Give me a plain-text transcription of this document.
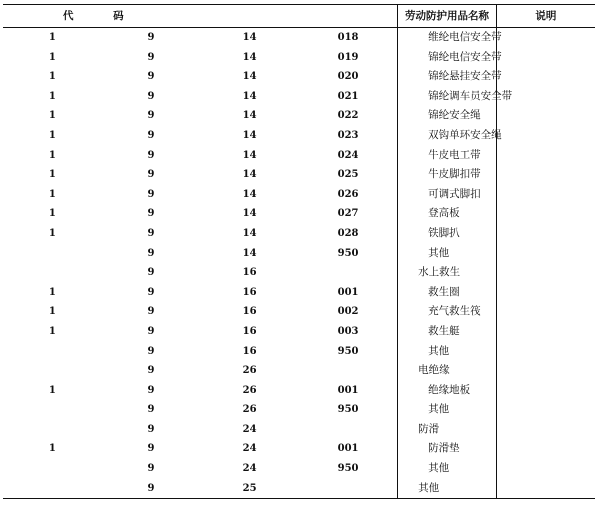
代 码				劳动防护用品名称	说明
1	9	14	018	维纶电信安全带	
1	9	14	019	锦纶电信安全带	
1	9	14	020	锦纶悬挂安全带	
1	9	14	021	锦纶调车员安全带	
1	9	14	022	锦纶安全绳	
1	9	14	023	双钩单环安全绳	
1	9	14	024	牛皮电工带	
1	9	14	025	牛皮脚扣带	
1	9	14	026	可调式脚扣	
1	9	14	027	登高板	
1	9	14	028	铁脚扒	
	9	14	950	其他	
	9	16		水上救生	
1	9	16	001	救生圈	
1	9	16	002	充气救生筏	
1	9	16	003	救生艇	
	9	16	950	其他	
	9	26		电绝缘	
1	9	26	001	绝缘地板	
	9	26	950	其他	
	9	24		防滑	
1	9	24	001	防滑垫	
	9	24	950	其他	
	9	25		其他	
